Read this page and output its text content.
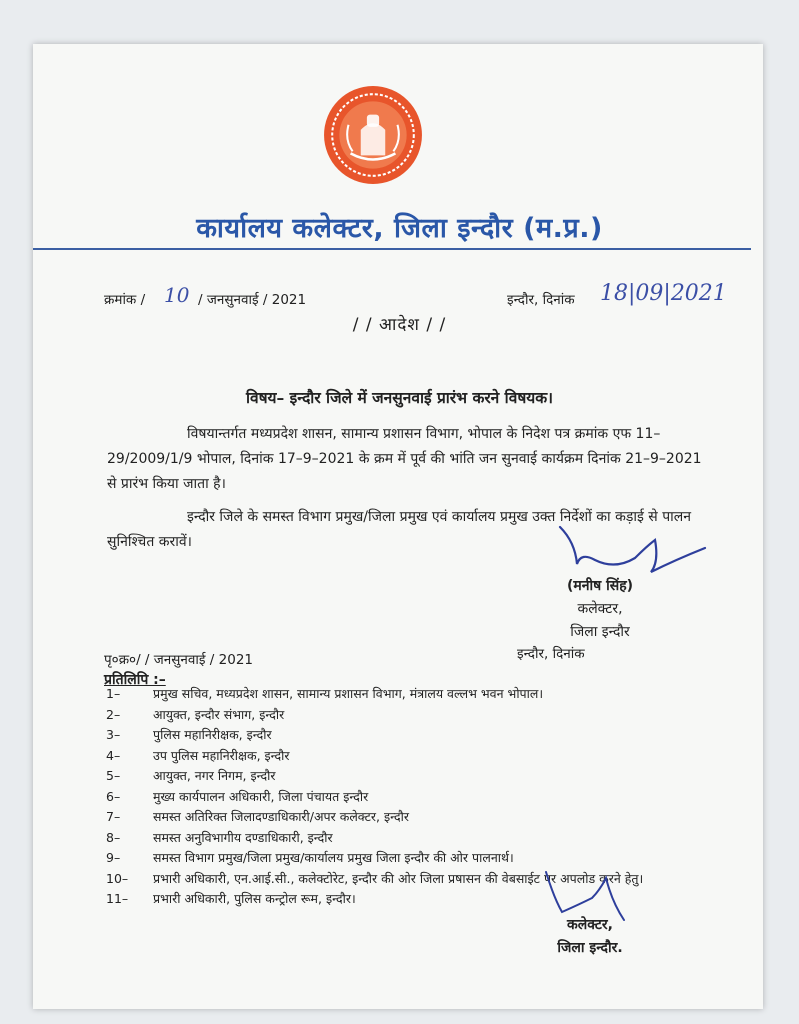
कार्यालय कलेक्टर, जिला इन्दौर (म.प्र.)
क्रमांक / 10 / जनसुनवाई / 2021	इन्दौर, दिनांक 18|09|2021
/ / आदेश / /
विषय– इन्दौर जिले में जनसुनवाई प्रारंभ करने विषयक।
विषयान्तर्गत मध्यप्रदेश शासन, सामान्य प्रशासन विभाग, भोपाल के निदेश पत्र क्रमांक एफ 11–29/2009/1/9 भोपाल, दिनांक 17–9–2021 के क्रम में पूर्व की भांति जन सुनवाई कार्यक्रम दिनांक 21–9–2021 से प्रारंभ किया जाता है।
इन्दौर जिले के समस्त विभाग प्रमुख/जिला प्रमुख एवं कार्यालय प्रमुख उक्त निर्देशों का कड़ाई से पालन सुनिश्चित करावें।
(मनीष सिंह)
कलेक्टर,
जिला इन्दौर
पृ०क्र०/ / जनसुनवाई / 2021	इन्दौर, दिनांक
प्रतिलिपि :–
1–	प्रमुख सचिव, मध्यप्रदेश शासन, सामान्य प्रशासन विभाग, मंत्रालय वल्लभ भवन भोपाल।
2–	आयुक्त, इन्दौर संभाग, इन्दौर
3–	पुलिस महानिरीक्षक, इन्दौर
4–	उप पुलिस महानिरीक्षक, इन्दौर
5–	आयुक्त, नगर निगम, इन्दौर
6–	मुख्य कार्यपालन अधिकारी, जिला पंचायत इन्दौर
7–	समस्त अतिरिक्त जिलादण्डाधिकारी/अपर कलेक्टर, इन्दौर
8–	समस्त अनुविभागीय दण्डाधिकारी, इन्दौर
9–	समस्त विभाग प्रमुख/जिला प्रमुख/कार्यालय प्रमुख जिला इन्दौर की ओर पालनार्थ।
10–	प्रभारी अधिकारी, एन.आई.सी., कलेक्टोरेट, इन्दौर की ओर जिला प्रषासन की वेबसाईट पर अपलोड करने हेतु।
11–	प्रभारी अधिकारी, पुलिस कन्ट्रोल रूम, इन्दौर।
कलेक्टर,
जिला इन्दौर.
